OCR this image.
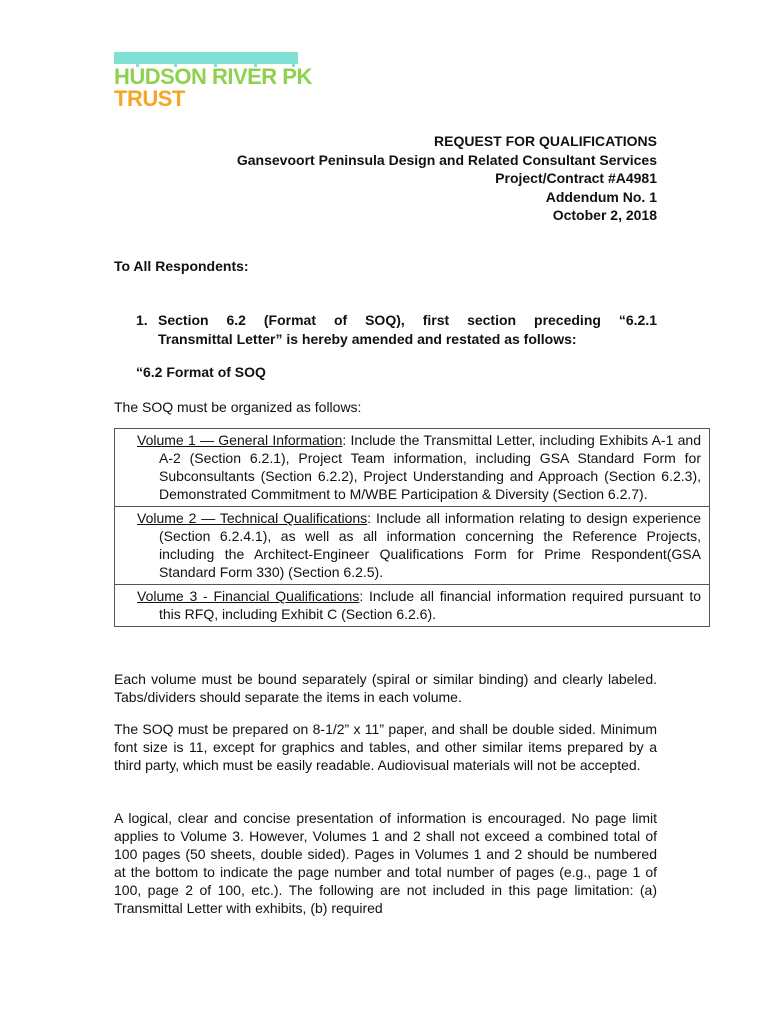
HUDSON RIVER PK
TRUST
REQUEST FOR QUALIFICATIONS
Gansevoort Peninsula Design and Related Consultant Services
Project/Contract #A4981
Addendum No. 1
October 2, 2018
To All Respondents:
1. Section 6.2 (Format of SOQ), first section preceding “6.2.1
Transmittal Letter” is hereby amended and restated as follows:
“6.2 Format of SOQ
The SOQ must be organized as follows:
Volume 1 — General Information: Include the Transmittal Letter, including Exhibits A-1 and A-2 (Section 6.2.1), Project Team information, including GSA Standard Form for Subconsultants (Section 6.2.2), Project Understanding and Approach (Section 6.2.3), Demonstrated Commitment to M/WBE Participation & Diversity (Section 6.2.7).

Volume 2 — Technical Qualifications: Include all information relating to design experience (Section 6.2.4.1), as well as all information concerning the Reference Projects, including the Architect-Engineer Qualifications Form for Prime Respondent(GSA Standard Form 330) (Section 6.2.5).

Volume 3 - Financial Qualifications: Include all financial information required pursuant to this RFQ, including Exhibit C (Section 6.2.6).
Each volume must be bound separately (spiral or similar binding) and clearly labeled. Tabs/dividers should separate the items in each volume.
The SOQ must be prepared on 8-1/2” x 11” paper, and shall be double sided. Minimum font size is 11, except for graphics and tables, and other similar items prepared by a third party, which must be easily readable. Audiovisual materials will not be accepted.
A logical, clear and concise presentation of information is encouraged. No page limit applies to Volume 3. However, Volumes 1 and 2 shall not exceed a combined total of 100 pages (50 sheets, double sided). Pages in Volumes 1 and 2 should be numbered at the bottom to indicate the page number and total number of pages (e.g., page 1 of 100, page 2 of 100, etc.). The following are not included in this page limitation: (a) Transmittal Letter with exhibits, (b) required
